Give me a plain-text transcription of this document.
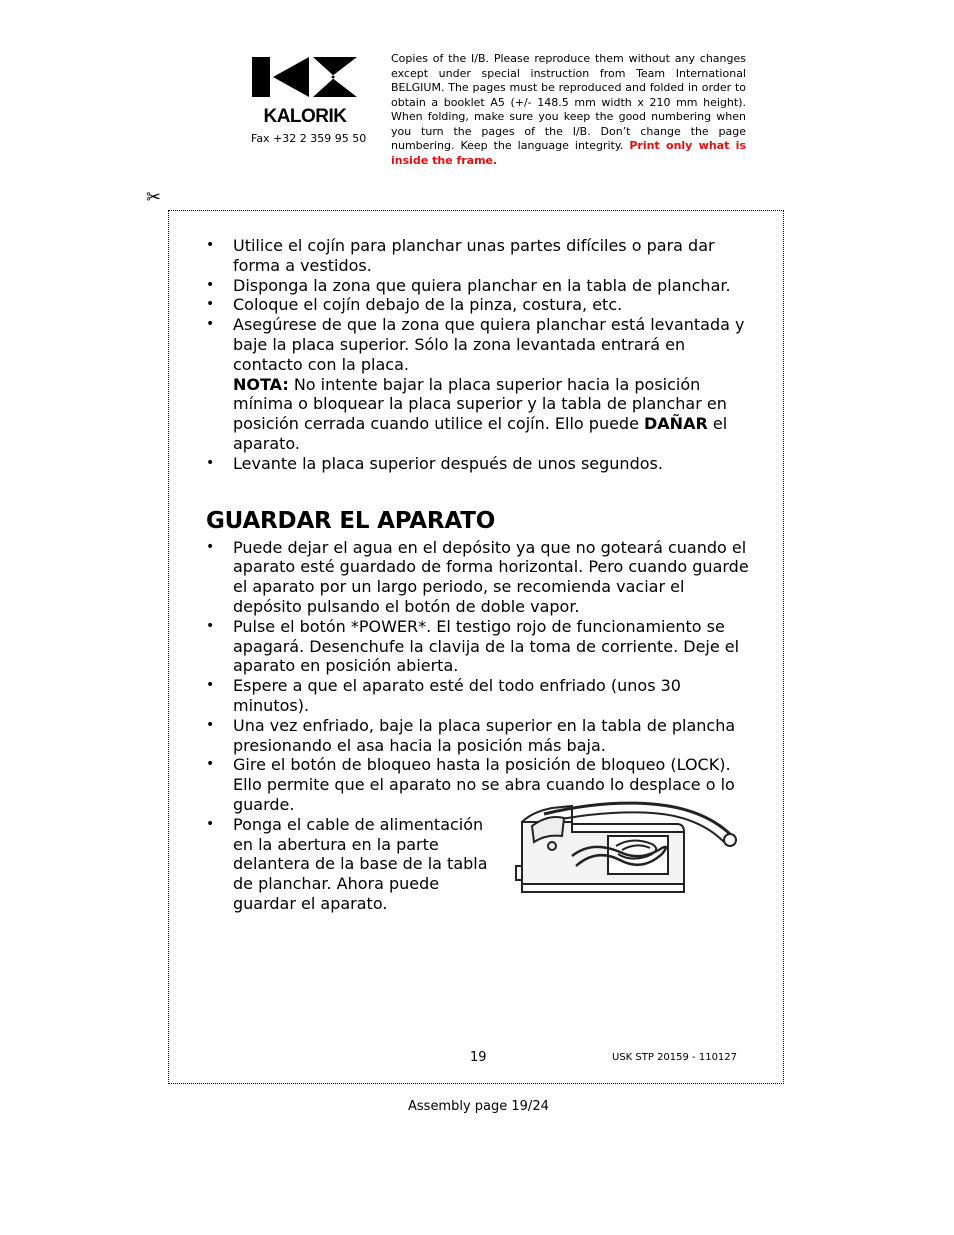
KALORIK
Fax +32 2 359 95 50
Copies of the I/B. Please reproduce them without any changes except under special instruction from Team International BELGIUM. The pages must be reproduced and folded in order to obtain a booklet A5 (+/- 148.5 mm width x 210 mm height). When folding, make sure you keep the good numbering when you turn the pages of the I/B. Don’t change the page numbering. Keep the language integrity. Print only what is inside the frame.
✂
• Utilice el cojín para planchar unas partes difíciles o para dar forma a vestidos.
• Disponga la zona que quiera planchar en la tabla de planchar.
• Coloque el cojín debajo de la pinza, costura, etc.
• Asegúrese de que la zona que quiera planchar está levantada y baje la placa superior. Sólo la zona levantada entrará en contacto con la placa.
NOTA: No intente bajar la placa superior hacia la posición mínima o bloquear la placa superior y la tabla de planchar en posición cerrada cuando utilice el cojín. Ello puede DAÑAR el aparato.
• Levante la placa superior después de unos segundos.
GUARDAR EL APARATO
• Puede dejar el agua en el depósito ya que no goteará cuando el aparato esté guardado de forma horizontal. Pero cuando guarde el aparato por un largo periodo, se recomienda vaciar el depósito pulsando el botón de doble vapor.
• Pulse el botón *POWER*. El testigo rojo de funcionamiento se apagará. Desenchufe la clavija de la toma de corriente. Deje el aparato en posición abierta.
• Espere a que el aparato esté del todo enfriado (unos 30 minutos).
• Una vez enfriado, baje la placa superior en la tabla de plancha presionando el asa hacia la posición más baja.
• Gire el botón de bloqueo hasta la posición de bloqueo (LOCK). Ello permite que el aparato no se abra cuando lo desplace o lo guarde.
• Ponga el cable de alimentación en la abertura en la parte delantera de la base de la tabla de planchar. Ahora puede guardar el aparato.
19	USK STP 20159 - 110127
Assembly page 19/24
